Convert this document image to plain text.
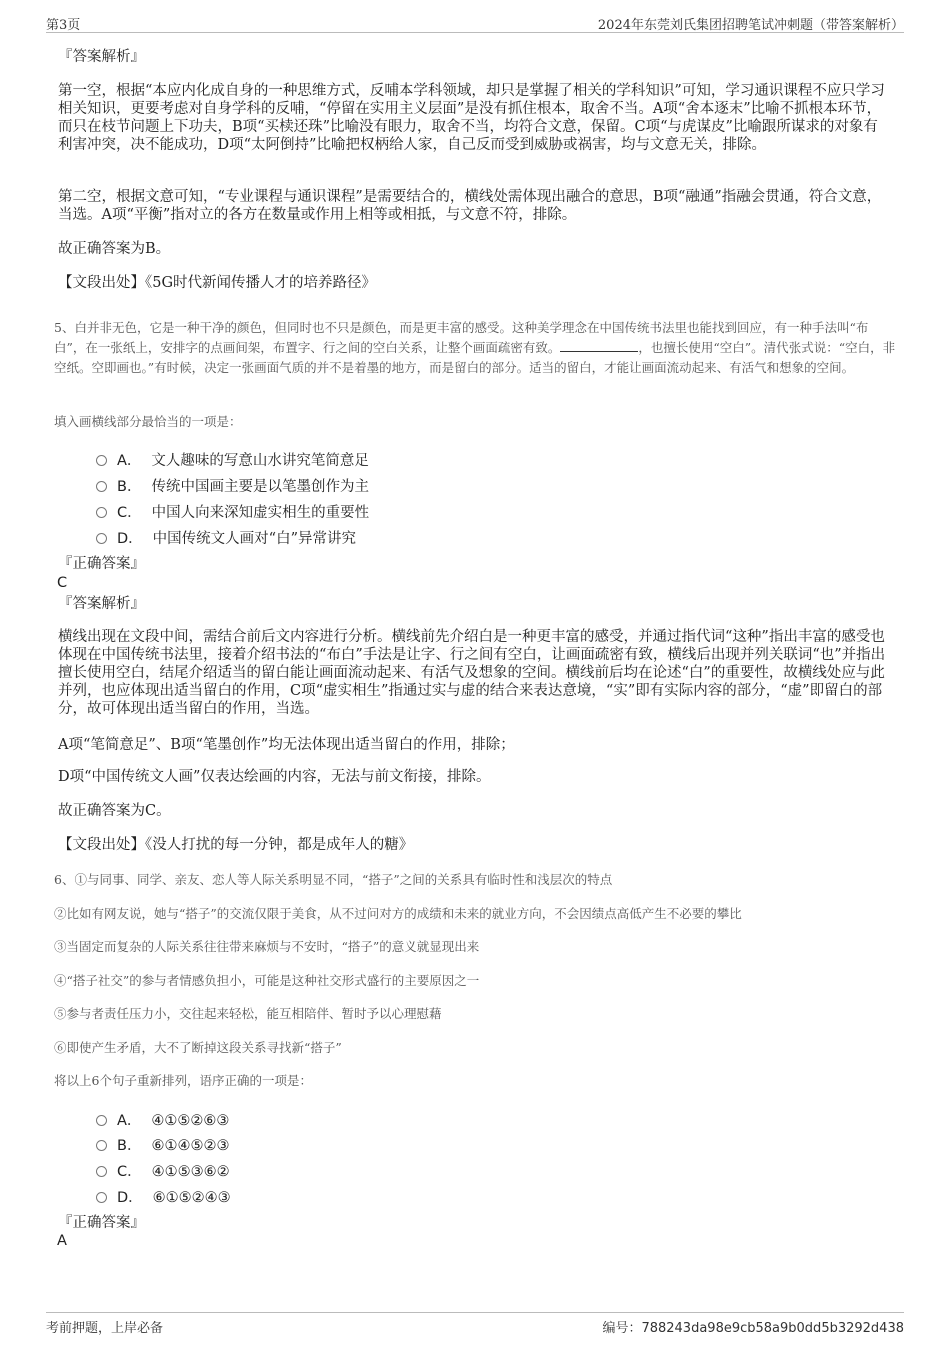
第3页	2024年东莞刘氏集团招聘笔试冲刺题（带答案解析）
『答案解析』
第一空，根据“本应内化成自身的一种思维方式，反哺本学科领域，却只是掌握了相关的学科知识”可知，学习通识课程不应只学习相关知识，更要考虑对自身学科的反哺，“停留在实用主义层面”是没有抓住根本，取舍不当。A项“舍本逐末”比喻不抓根本环节，而只在枝节问题上下功夫，B项“买椟还珠”比喻没有眼力，取舍不当，均符合文意，保留。C项“与虎谋皮”比喻跟所谋求的对象有利害冲突，决不能成功，D项“太阿倒持”比喻把权柄给人家，自己反而受到威胁或祸害，均与文意无关，排除。
第二空，根据文意可知，“专业课程与通识课程”是需要结合的，横线处需体现出融合的意思，B项“融通”指融会贯通，符合文意，当选。A项“平衡”指对立的各方在数量或作用上相等或相抵，与文意不符，排除。
故正确答案为B。
【文段出处】《5G时代新闻传播人才的培养路径》
5、白并非无色，它是一种干净的颜色，但同时也不只是颜色，而是更丰富的感受。这种美学理念在中国传统书法里也能找到回应，有一种手法叫“布白”，在一张纸上，安排字的点画间架，布置字、行之间的空白关系，让整个画面疏密有致。	，也擅长使用“空白”。清代张式说：“空白，非空纸。空即画也。”有时候，决定一张画面气质的并不是着墨的地方，而是留白的部分。适当的留白，才能让画面流动起来、有活气和想象的空间。
填入画横线部分最恰当的一项是：
A． 文人趣味的写意山水讲究笔简意足
B． 传统中国画主要是以笔墨创作为主
C． 中国人向来深知虚实相生的重要性
D． 中国传统文人画对“白”异常讲究
『正确答案』
C
『答案解析』
横线出现在文段中间，需结合前后文内容进行分析。横线前先介绍白是一种更丰富的感受，并通过指代词“这种”指出丰富的感受也体现在中国传统书法里，接着介绍书法的“布白”手法是让字、行之间有空白，让画面疏密有致，横线后出现并列关联词“也”并指出擅长使用空白，结尾介绍适当的留白能让画面流动起来、有活气及想象的空间。横线前后均在论述“白”的重要性，故横线处应与此并列，也应体现出适当留白的作用，C项“虚实相生”指通过实与虚的结合来表达意境，“实”即有实际内容的部分，“虚”即留白的部分，故可体现出适当留白的作用，当选。
A项“笔简意足”、B项“笔墨创作”均无法体现出适当留白的作用，排除；
D项“中国传统文人画”仅表达绘画的内容，无法与前文衔接，排除。
故正确答案为C。
【文段出处】《没人打扰的每一分钟，都是成年人的糖》
6、①与同事、同学、亲友、恋人等人际关系明显不同，“搭子”之间的关系具有临时性和浅层次的特点
②比如有网友说，她与“搭子”的交流仅限于美食，从不过问对方的成绩和未来的就业方向，不会因绩点高低产生不必要的攀比
③当固定而复杂的人际关系往往带来麻烦与不安时，“搭子”的意义就显现出来
④“搭子社交”的参与者情感负担小，可能是这种社交形式盛行的主要原因之一
⑤参与者责任压力小，交往起来轻松，能互相陪伴、暂时予以心理慰藉
⑥即使产生矛盾，大不了断掉这段关系寻找新“搭子”
将以上6个句子重新排列，语序正确的一项是：
A． ④①⑤②⑥③
B． ⑥①④⑤②③
C． ④①⑤③⑥②
D． ⑥①⑤②④③
『正确答案』
A
考前押题，上岸必备	编号：788243da98e9cb58a9b0dd5b3292d438
